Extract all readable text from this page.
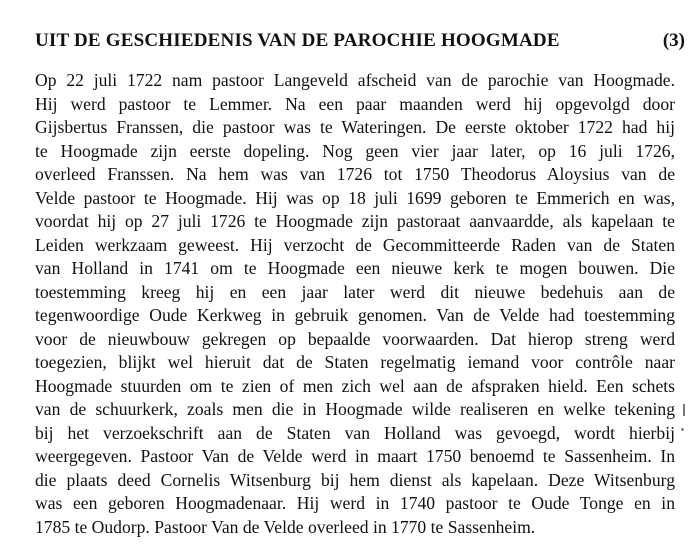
UIT DE GESCHIEDENIS VAN DE PAROCHIE HOOGMADE	(3)
Op 22 juli 1722 nam pastoor Langeveld afscheid van de parochie van Hoogmade.
Hij werd pastoor te Lemmer. Na een paar maanden werd hij opgevolgd door
Gijsbertus Franssen, die pastoor was te Wateringen. De eerste oktober 1722 had hij
te Hoogmade zijn eerste dopeling. Nog geen vier jaar later, op 16 juli 1726,
overleed Franssen. Na hem was van 1726 tot 1750 Theodorus Aloysius van de
Velde pastoor te Hoogmade. Hij was op 18 juli 1699 geboren te Emmerich en was,
voordat hij op 27 juli 1726 te Hoogmade zijn pastoraat aanvaardde, als kapelaan te
Leiden werkzaam geweest. Hij verzocht de Gecommitteerde Raden van de Staten
van Holland in 1741 om te Hoogmade een nieuwe kerk te mogen bouwen. Die
toestemming kreeg hij en een jaar later werd dit nieuwe bedehuis aan de
tegenwoordige Oude Kerkweg in gebruik genomen. Van de Velde had toestemming
voor de nieuwbouw gekregen op bepaalde voorwaarden. Dat hierop streng werd
toegezien, blijkt wel hieruit dat de Staten regelmatig iemand voor contrôle naar
Hoogmade stuurden om te zien of men zich wel aan de afspraken hield. Een schets
van de schuurkerk, zoals men die in Hoogmade wilde realiseren en welke tekening
bij het verzoekschrift aan de Staten van Holland was gevoegd, wordt hierbij
weergegeven. Pastoor Van de Velde werd in maart 1750 benoemd te Sassenheim. In
die plaats deed Cornelis Witsenburg bij hem dienst als kapelaan. Deze Witsenburg
was een geboren Hoogmadenaar. Hij werd in 1740 pastoor te Oude Tonge en in
1785 te Oudorp. Pastoor Van de Velde overleed in 1770 te Sassenheim.
